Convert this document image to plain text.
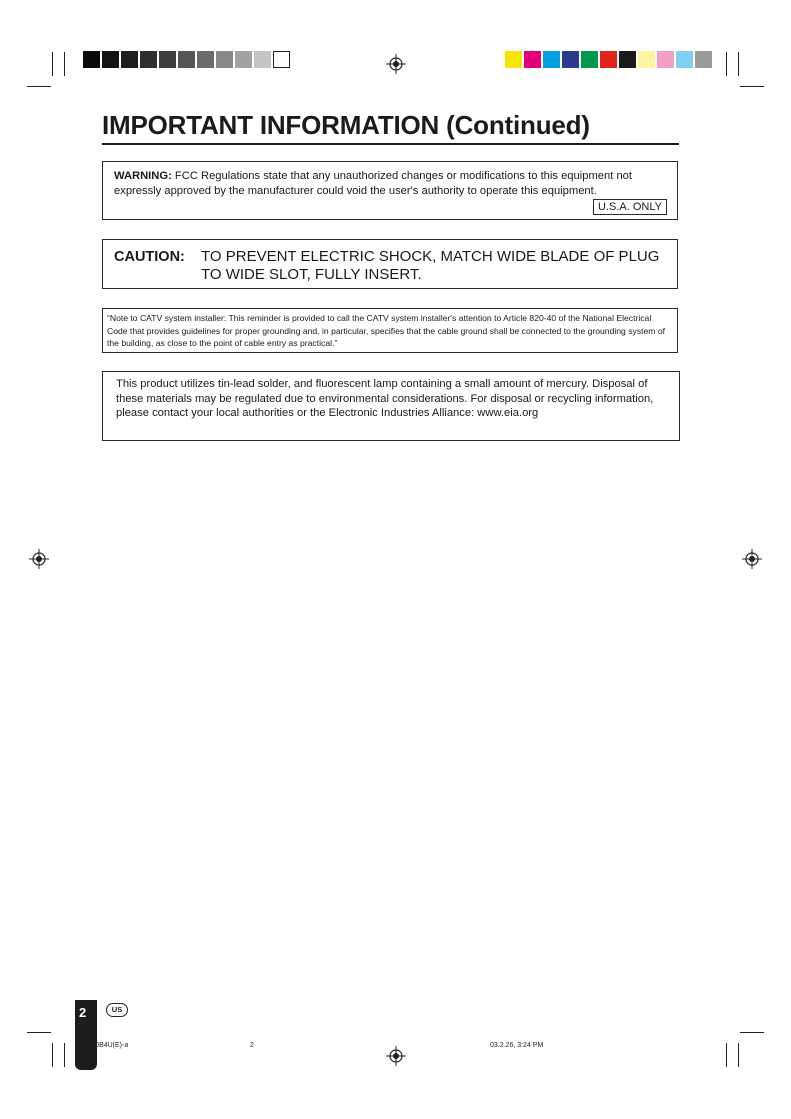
IMPORTANT INFORMATION (Continued)
WARNING: FCC Regulations state that any unauthorized changes or modifications to this equipment not expressly approved by the manufacturer could void the user's authority to operate this equipment.
U.S.A. ONLY
CAUTION: TO PREVENT ELECTRIC SHOCK, MATCH WIDE BLADE OF PLUG TO WIDE SLOT, FULLY INSERT.
“Note to CATV system installer: This reminder is provided to call the CATV system installer's attention to Article 820-40 of the National Electrical Code that provides guidelines for proper grounding and, in particular, specifies that the cable ground shall be connected to the grounding system of the building, as close to the point of cable entry as practical.”
This product utilizes tin-lead solder, and fluorescent lamp containing a small amount of mercury. Disposal of these materials may be regulated due to environmental considerations. For disposal or recycling information, please contact your local authorities or the Electronic Industries Alliance: www.eia.org
2	US
LC-20B4U(E)-a	2	03.2.26, 3:24 PM
